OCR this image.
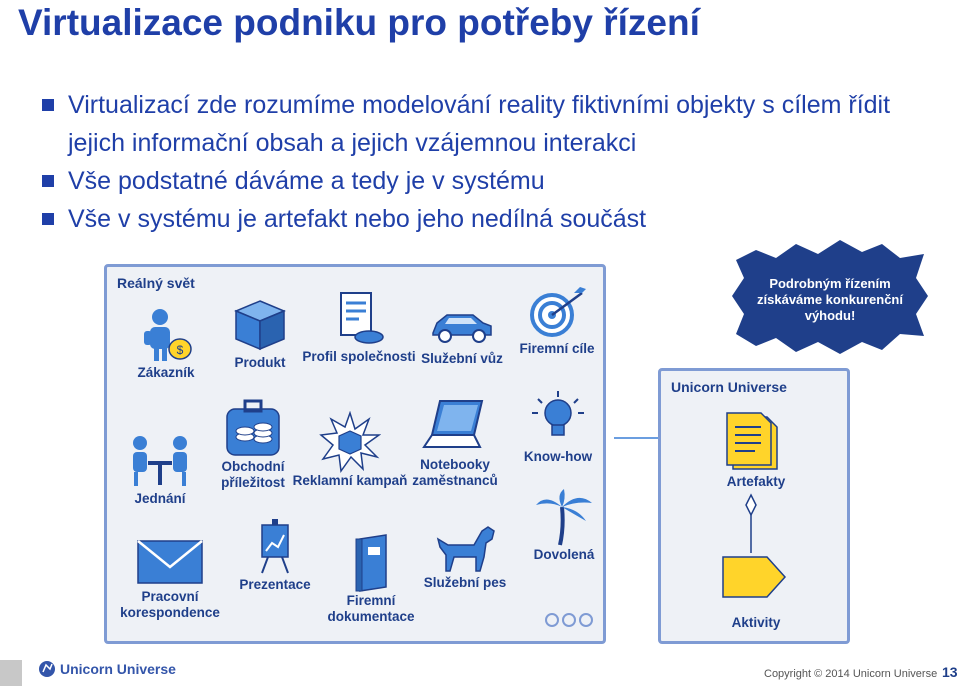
Virtualizace podniku pro potřeby řízení
Virtualizací zde rozumíme modelování reality fiktivními objekty s cílem řídit jejich informační obsah a jejich vzájemnou interakci
Vše podstatné dáváme a tedy je v systému
Vše v systému je artefakt nebo jeho nedílná součást
Reálný svět
$
Zákazník
Produkt	Profil společnosti Služební vůz
Firemní cíle
Jednání
Obchodní příležitost Reklamní kampaň
Notebooky zaměstnanců
Know-how
Pracovní korespondence
Prezentace
Firemní dokumentace
Služební pes
Dovolená
Unicorn Universe
Artefakty
Aktivity
Podrobným řízením získáváme konkurenční výhodu!
Unicorn Universe	Copyright © 2014 Unicorn Universe 13
